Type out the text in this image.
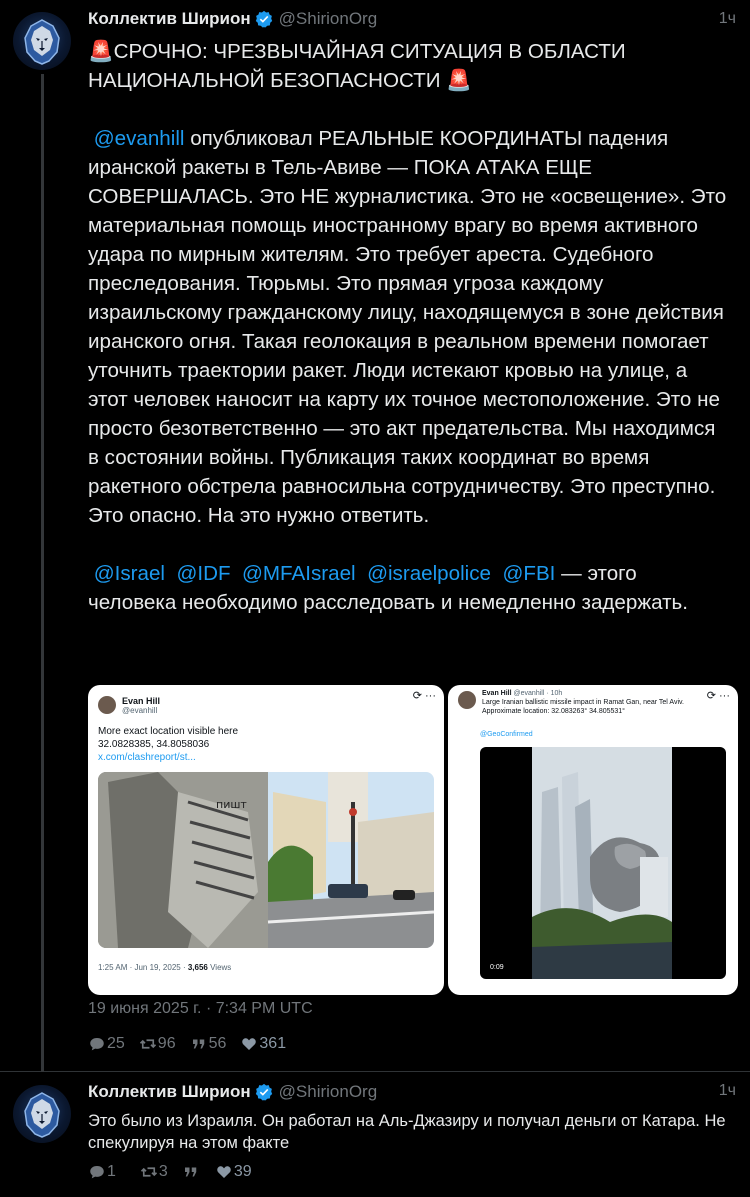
Коллектив Ширион @ShirionOrg	1ч
🚨СРОЧНО: ЧРЕЗВЫЧАЙНАЯ СИТУАЦИЯ В ОБЛАСТИ
НАЦИОНАЛЬНОЙ БЕЗОПАСНОСТИ 🚨

@evanhill опубликовал РЕАЛЬНЫЕ КООРДИНАТЫ падения иранской ракеты в Тель-Авиве — ПОКА АТАКА ЕЩЕ СОВЕРШАЛАСЬ. Это НЕ журналистика. Это не «освещение». Это материальная помощь иностранному врагу во время активного удара по мирным жителям. Это требует ареста. Судебного преследования. Тюрьмы. Это прямая угроза каждому израильскому гражданскому лицу, находящемуся в зоне действия иранского огня. Такая геолокация в реальном времени помогает уточнить траектории ракет. Люди истекают кровью на улице, а этот человек наносит на карту их точное местоположение. Это не просто безответственно — это акт предательства. Мы находимся в состоянии войны. Публикация таких координат во время ракетного обстрела равносильна сотрудничеству. Это преступно. Это опасно. На это нужно ответить.

@Israel @IDF @MFAIsrael @israelpolice @FBI — этого человека необходимо расследовать и немедленно задержать.
Evan Hill
@evanhill
⟳ ···
More exact location visible here
32.0828385, 34.8058036
x.com/clashreport/st...
пишт
1:25 AM · Jun 19, 2025 · 3,656 Views
Evan Hill @evanhill · 10h
Large Iranian ballistic missile impact in Ramat Gan, near Tel Aviv.
Approximate location: 32.083263° 34.805531°
⟳ ···
@GeoConfirmed
0:09
19 июня 2025 г. · 7:34 PM UTC
25 96 56 361
Коллектив Ширион @ShirionOrg	1ч
Это было из Израиля. Он работал на Аль-Джазиру и получал деньги от Катара. Не спекулируя на этом факте
1	3	39
